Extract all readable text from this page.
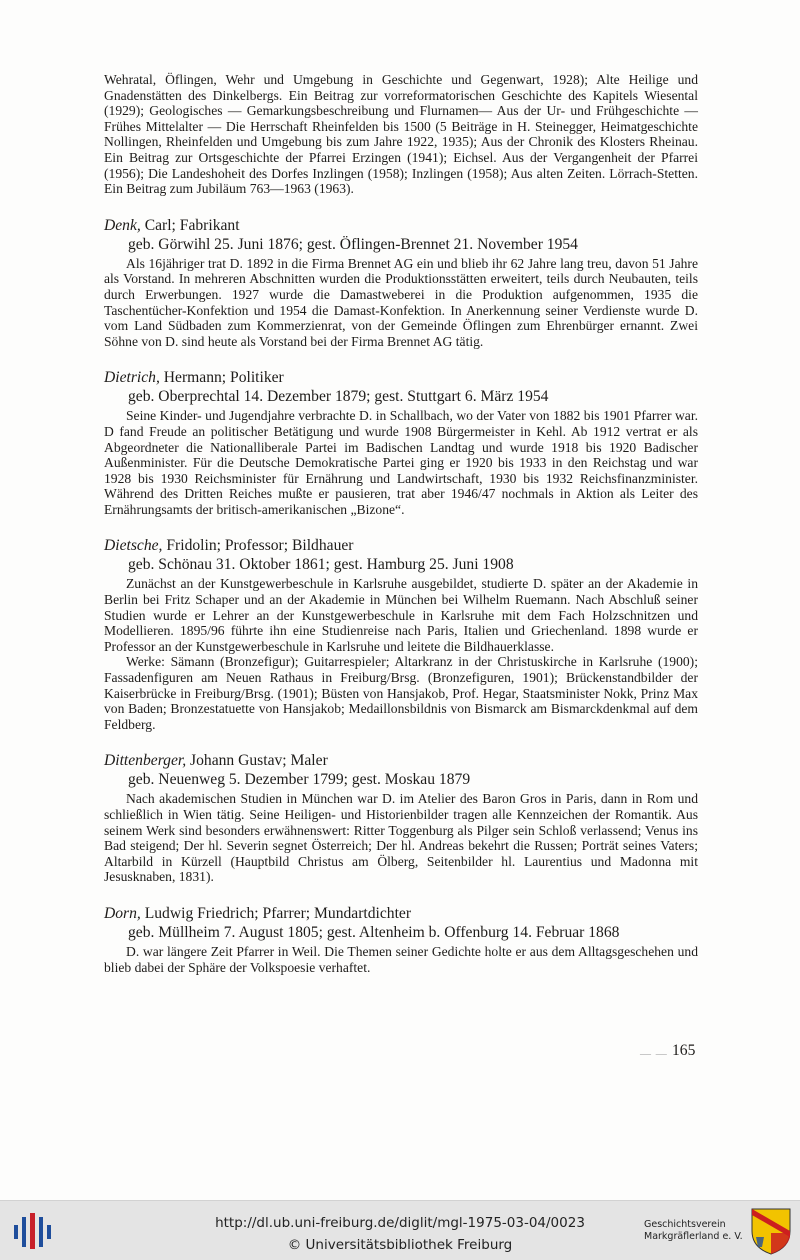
Wehratal, Öflingen, Wehr und Umgebung in Geschichte und Gegenwart, 1928); Alte Heilige und Gnadenstätten des Dinkelbergs. Ein Beitrag zur vorreformatorischen Geschichte des Kapitels Wiesental (1929); Geologisches — Gemarkungsbeschreibung und Flurnamen— Aus der Ur- und Frühgeschichte — Frühes Mittelalter — Die Herrschaft Rheinfelden bis 1500 (5 Beiträge in H. Steinegger, Heimatgeschichte Nollingen, Rheinfelden und Umgebung bis zum Jahre 1922, 1935); Aus der Chronik des Klosters Rheinau. Ein Beitrag zur Ortsgeschichte der Pfarrei Erzingen (1941); Eichsel. Aus der Vergangenheit der Pfarrei (1956); Die Landeshoheit des Dorfes Inzlingen (1958); Inzlingen (1958); Aus alten Zeiten. Lörrach-Stetten. Ein Beitrag zum Jubiläum 763—1963 (1963).

Denk, Carl; Fabrikant

geb. Görwihl 25. Juni 1876; gest. Öflingen-Brennet 21. November 1954

Als 16jähriger trat D. 1892 in die Firma Brennet AG ein und blieb ihr 62 Jahre lang treu, davon 51 Jahre als Vorstand. In mehreren Abschnitten wurden die Produktionsstätten erweitert, teils durch Neubauten, teils durch Erwerbungen. 1927 wurde die Damastweberei in die Produktion aufgenommen, 1935 die Taschentücher-Konfektion und 1954 die Damast-Konfektion. In Anerkennung seiner Verdienste wurde D. vom Land Südbaden zum Kommerzienrat, von der Gemeinde Öflingen zum Ehrenbürger ernannt. Zwei Söhne von D. sind heute als Vorstand bei der Firma Brennet AG tätig.

Dietrich, Hermann; Politiker

geb. Oberprechtal 14. Dezember 1879; gest. Stuttgart 6. März 1954

Seine Kinder- und Jugendjahre verbrachte D. in Schallbach, wo der Vater von 1882 bis 1901 Pfarrer war. D fand Freude an politischer Betätigung und wurde 1908 Bürgermeister in Kehl. Ab 1912 vertrat er als Abgeordneter die Nationalliberale Partei im Badischen Landtag und wurde 1918 bis 1920 Badischer Außenminister. Für die Deutsche Demokratische Partei ging er 1920 bis 1933 in den Reichstag und war 1928 bis 1930 Reichsminister für Ernährung und Landwirtschaft, 1930 bis 1932 Reichsfinanzminister. Während des Dritten Reiches mußte er pausieren, trat aber 1946/47 nochmals in Aktion als Leiter des Ernährungsamts der britisch-amerikanischen „Bizone“.

Dietsche, Fridolin; Professor; Bildhauer

geb. Schönau 31. Oktober 1861; gest. Hamburg 25. Juni 1908

Zunächst an der Kunstgewerbeschule in Karlsruhe ausgebildet, studierte D. später an der Akademie in Berlin bei Fritz Schaper und an der Akademie in München bei Wilhelm Ruemann. Nach Abschluß seiner Studien wurde er Lehrer an der Kunstgewerbeschule in Karlsruhe mit dem Fach Holzschnitzen und Modellieren. 1895/96 führte ihn eine Studienreise nach Paris, Italien und Griechenland. 1898 wurde er Professor an der Kunstgewerbeschule in Karlsruhe und leitete die Bildhauerklasse.

Werke: Sämann (Bronzefigur); Guitarrespieler; Altarkranz in der Christuskirche in Karlsruhe (1900); Fassadenfiguren am Neuen Rathaus in Freiburg/Brsg. (Bronzefiguren, 1901); Brückenstandbilder der Kaiserbrücke in Freiburg/Brsg. (1901); Büsten von Hansjakob, Prof. Hegar, Staatsminister Nokk, Prinz Max von Baden; Bronzestatuette von Hansjakob; Medaillonsbildnis von Bismarck am Bismarckdenkmal auf dem Feldberg.

Dittenberger, Johann Gustav; Maler

geb. Neuenweg 5. Dezember 1799; gest. Moskau 1879

Nach akademischen Studien in München war D. im Atelier des Baron Gros in Paris, dann in Rom und schließlich in Wien tätig. Seine Heiligen- und Historienbilder tragen alle Kennzeichen der Romantik. Aus seinem Werk sind besonders erwähnenswert: Ritter Toggenburg als Pilger sein Schloß verlassend; Venus ins Bad steigend; Der hl. Severin segnet Österreich; Der hl. Andreas bekehrt die Russen; Porträt seines Vaters; Altarbild in Kürzell (Hauptbild Christus am Ölberg, Seitenbilder hl. Laurentius und Madonna mit Jesusknaben, 1831).

Dorn, Ludwig Friedrich; Pfarrer; Mundartdichter

geb. Müllheim 7. August 1805; gest. Altenheim b. Offenburg 14. Februar 1868

D. war längere Zeit Pfarrer in Weil. Die Themen seiner Gedichte holte er aus dem Alltagsgeschehen und blieb dabei der Sphäre der Volkspoesie verhaftet.

— — 165
http://dl.ub.uni-freiburg.de/diglit/mgl-1975-03-04/0023
© Universitätsbibliothek Freiburg
Geschichtsverein
Markgräflerland e. V.
